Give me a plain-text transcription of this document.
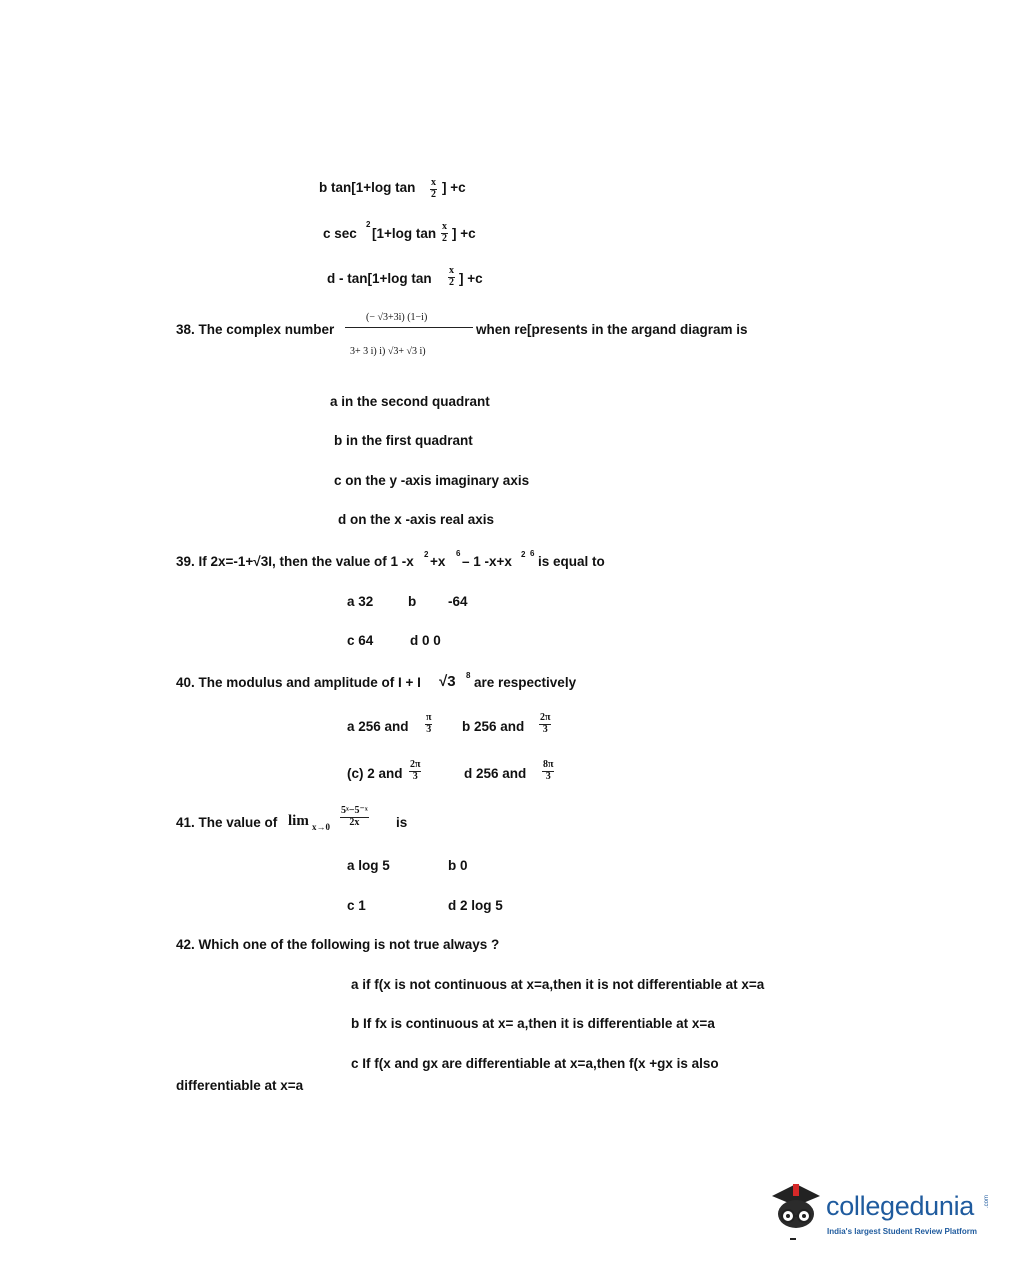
b tan[1+log $\tan \frac{x}{2}$ ] +c
c sec
2
[1+log $\tan \frac{x}{2}$ ] +c
d - tan[1+log $\tan \frac{x}{2}$ ] +c
38. The complex number
(− √3+3i) (1−i)
3+ 3 i) i) √3+ √3 i)
when re[presents in the argand diagram is
a in the second quadrant
b in the first quadrant
c on the y -axis imaginary axis
d on the x -axis real axis
39. If 2x=-1+√3I, then the value of 1 -x 2 +x
6
– 1 -x+x 2 6
is equal to
a 32	b -64
c 64	d 0 0
40. The modulus and amplitude of I + I √3 8 are respectively
a 256 and $\frac{\pi}{3}$ b 256 and $\frac{2\pi}{3}$
(c) 2 and $\frac{2\pi}{3}$	d 256 and $\frac{8\pi}{3}$
41. The value of $\lim x\to 0 \frac{\text{5ˣ−5⁻ˣ}}{2x}$ is
a log 5	b 0
c 1	d 2 log 5
42. Which one of the following is not true always ?
a if f(x is not continuous at x=a,then it is not differentiable at x=a
b If fx is continuous at x= a,then it is differentiable at x=a
c If f(x and gx are differentiable at x=a,then f(x +gx is also
differentiable at x=a
collegedunia .com
India's largest Student Review Platform
